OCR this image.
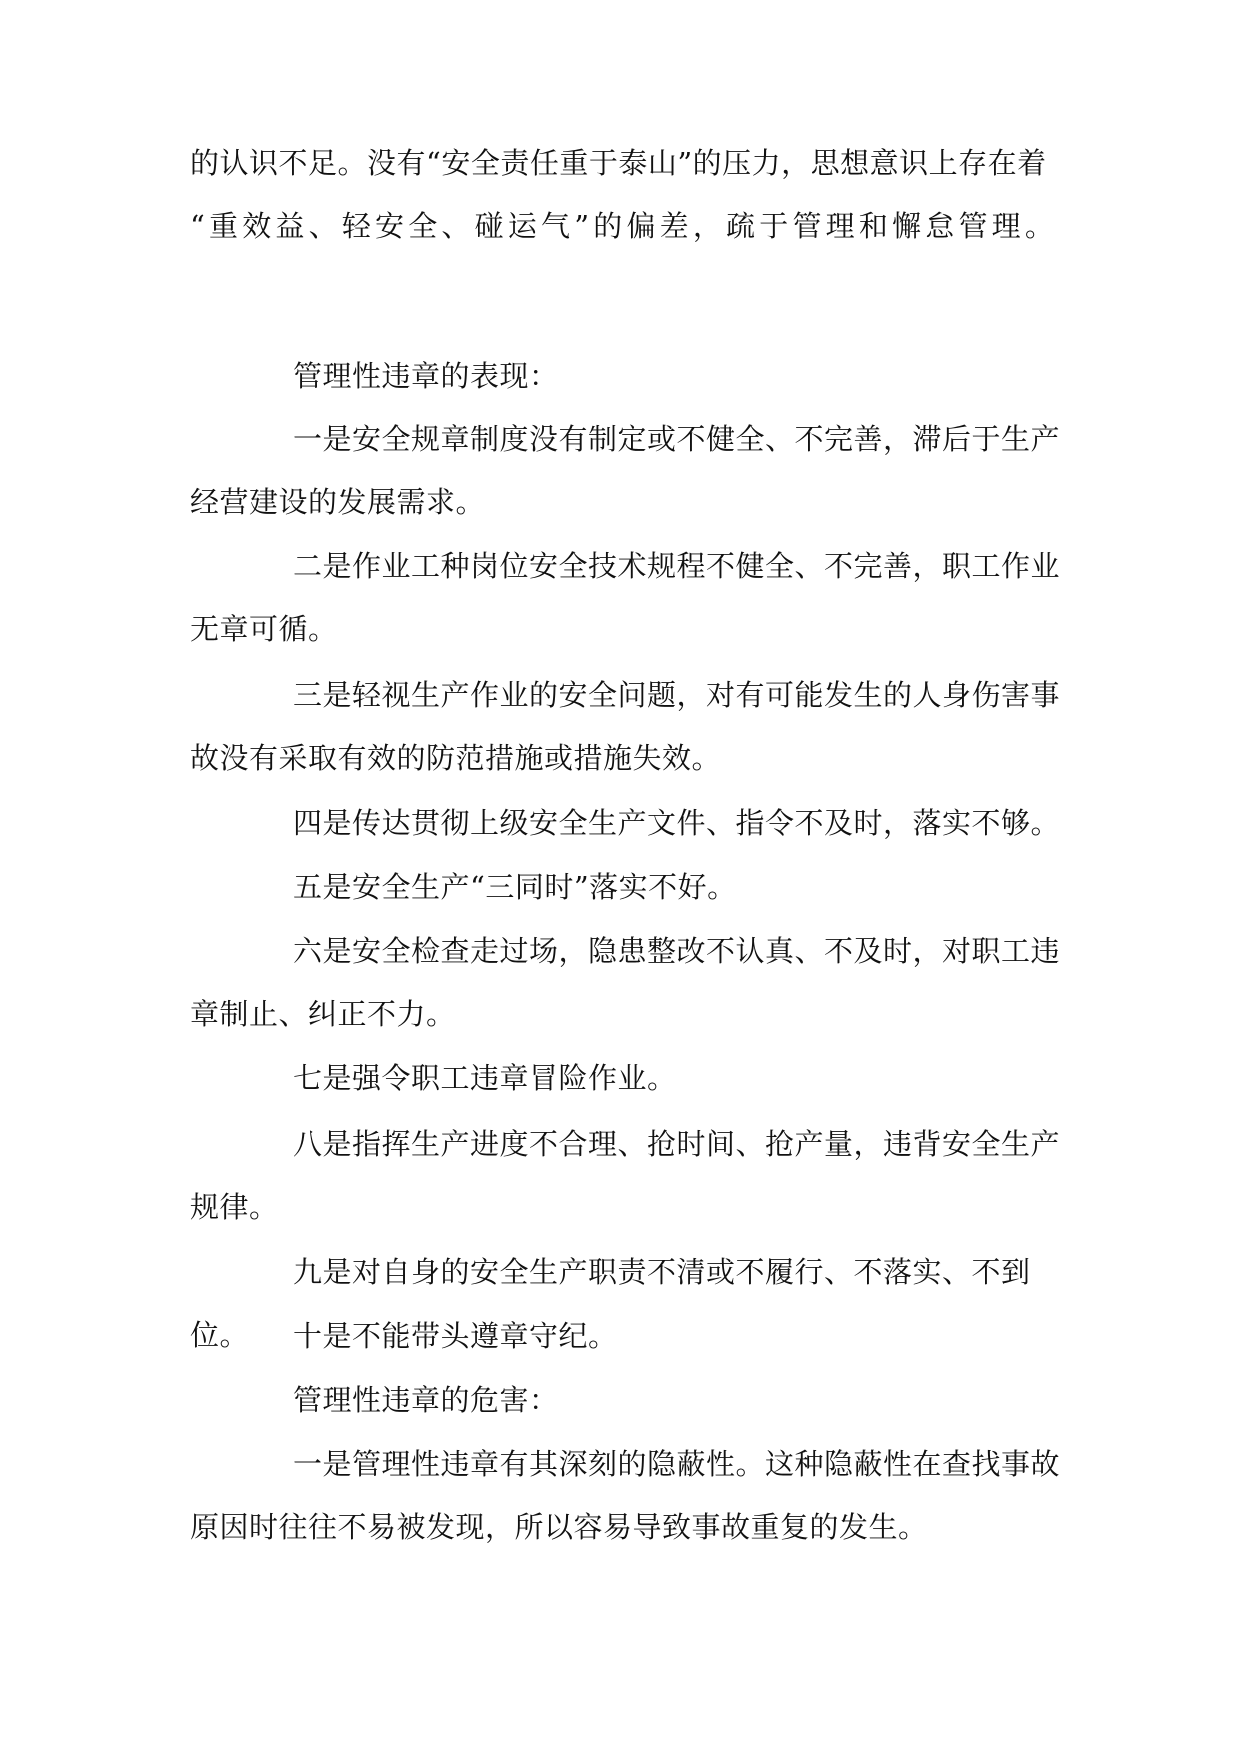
的认识不足。没有“安全责任重于泰山”的压力，思想意识上存在着
“重效益、轻安全、碰运气”的偏差，疏于管理和懈怠管理。

管理性违章的表现：

一是安全规章制度没有制定或不健全、不完善，滞后于生产经营建设的发展需求。

二是作业工种岗位安全技术规程不健全、不完善，职工作业无章可循。

三是轻视生产作业的安全问题，对有可能发生的人身伤害事故没有采取有效的防范措施或措施失效。

四是传达贯彻上级安全生产文件、指令不及时，落实不够。

五是安全生产“三同时”落实不好。

六是安全检查走过场，隐患整改不认真、不及时，对职工违章制止、纠正不力。

七是强令职工违章冒险作业。

八是指挥生产进度不合理、抢时间、抢产量，违背安全生产规律。

九是对自身的安全生产职责不清或不履行、不落实、不到位。	十是不能带头遵章守纪。

管理性违章的危害：

一是管理性违章有其深刻的隐蔽性。这种隐蔽性在查找事故原因时往往不易被发现，所以容易导致事故重复的发生。
